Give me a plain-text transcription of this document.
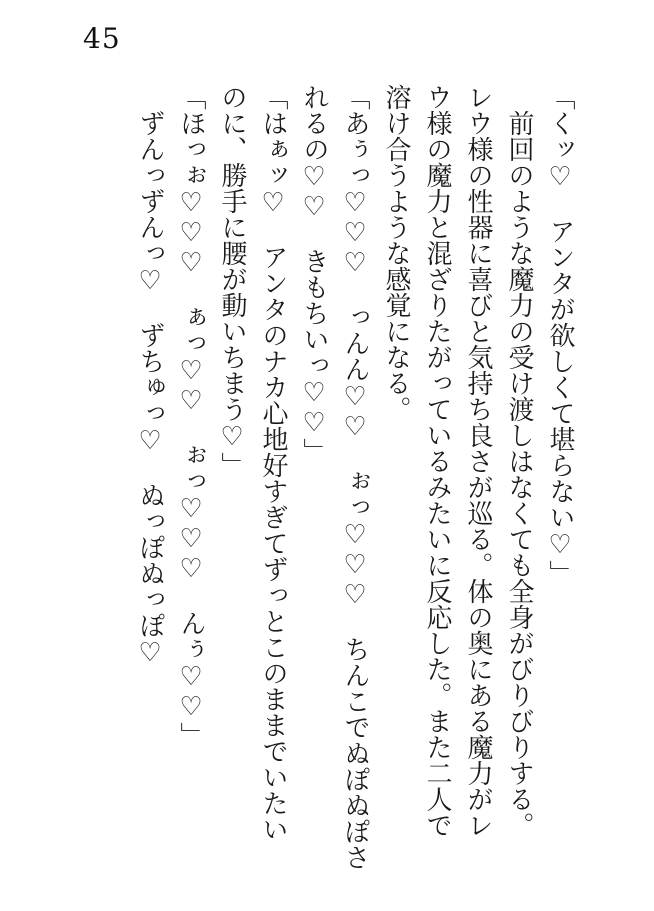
45
「くッ♡　アンタが欲しくて堪らない♡」
前回のような魔力の受け渡しはなくても全身がびりびりする。
レウ様の性器に喜びと気持ち良さが巡る。体の奥にある魔力がレ
ウ様の魔力と混ざりたがっているみたいに反応した。また二人で
溶け合うような感覚になる。
「あぅっ♡♡♡　っんん♡♡　ぉっ♡♡♡　ちんこでぬぽぬぽさ
れるの♡♡　きもちいっ♡♡」
「はぁッ♡　アンタのナカ心地好すぎてずっとこのままでいたい
のに、勝手に腰が動いちまう♡」
「ほっぉ♡♡♡　ぁっ♡♡　ぉっ♡♡♡　んぅ♡♡」
ずんっずんっ♡　ずちゅっ♡　ぬっぽぬっぽ♡
